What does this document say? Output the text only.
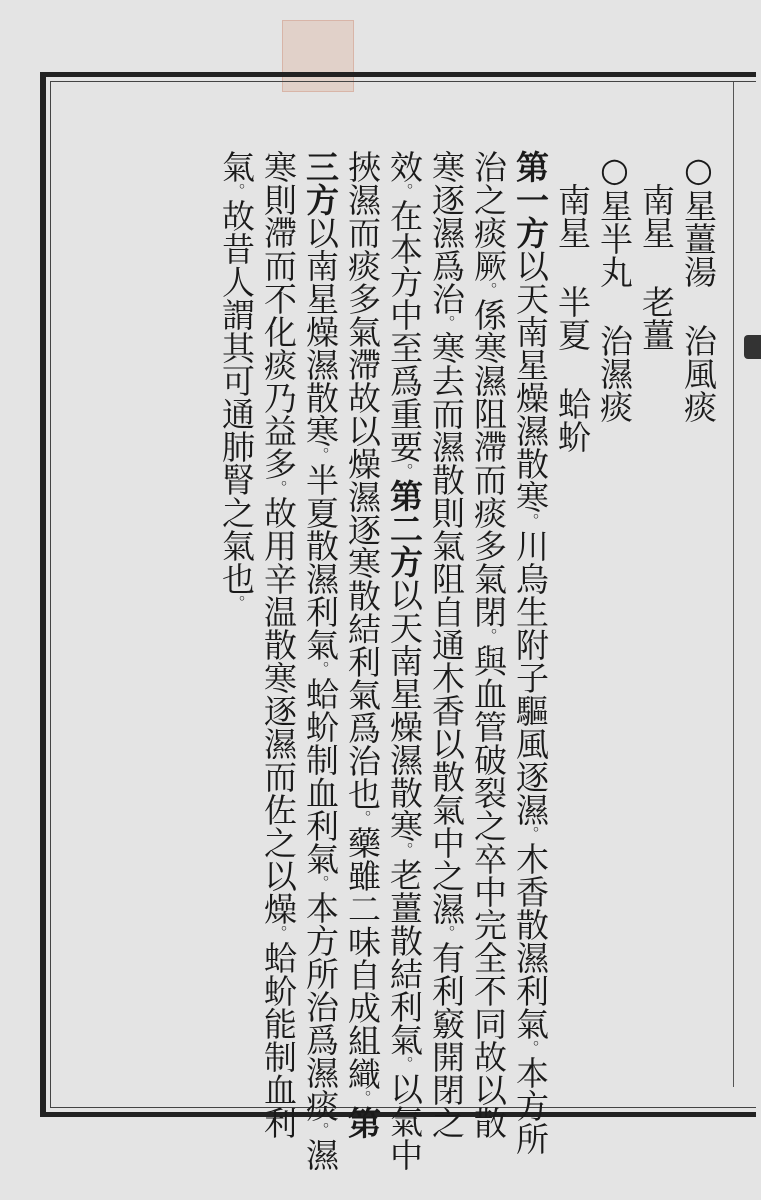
○星薑湯治風痰
　南星老薑
○星半丸治濕痰
　南星半夏蛤蚧
第一方以天南星燥濕散寒。 川烏生附子驅風逐濕。 木香散濕利氣。 本方所
治之痰厥。 係寒濕阻滯而痰多氣閉。 與血管破裂之卒中完全不同故以散
寒逐濕爲治。 寒去而濕散則氣阻自通木香以散氣中之濕。 有利竅開閉之
效。 在本方中至爲重要。 第二方以天南星燥濕散寒。 老薑散結利氣。 以氣中
挾濕而痰多氣滯故以燥濕逐寒散結利氣爲治也。 藥雖二味自成組織。 第
三方以南星燥濕散寒。 半夏散濕利氣。 蛤蚧制血利氣。 本方所治爲濕痰。 濕
寒則滯而不化痰乃益多。 故用辛温散寒逐濕而佐之以燥。 蛤蚧能制血利
氣。 故昔人謂其可通肺腎之氣也。
